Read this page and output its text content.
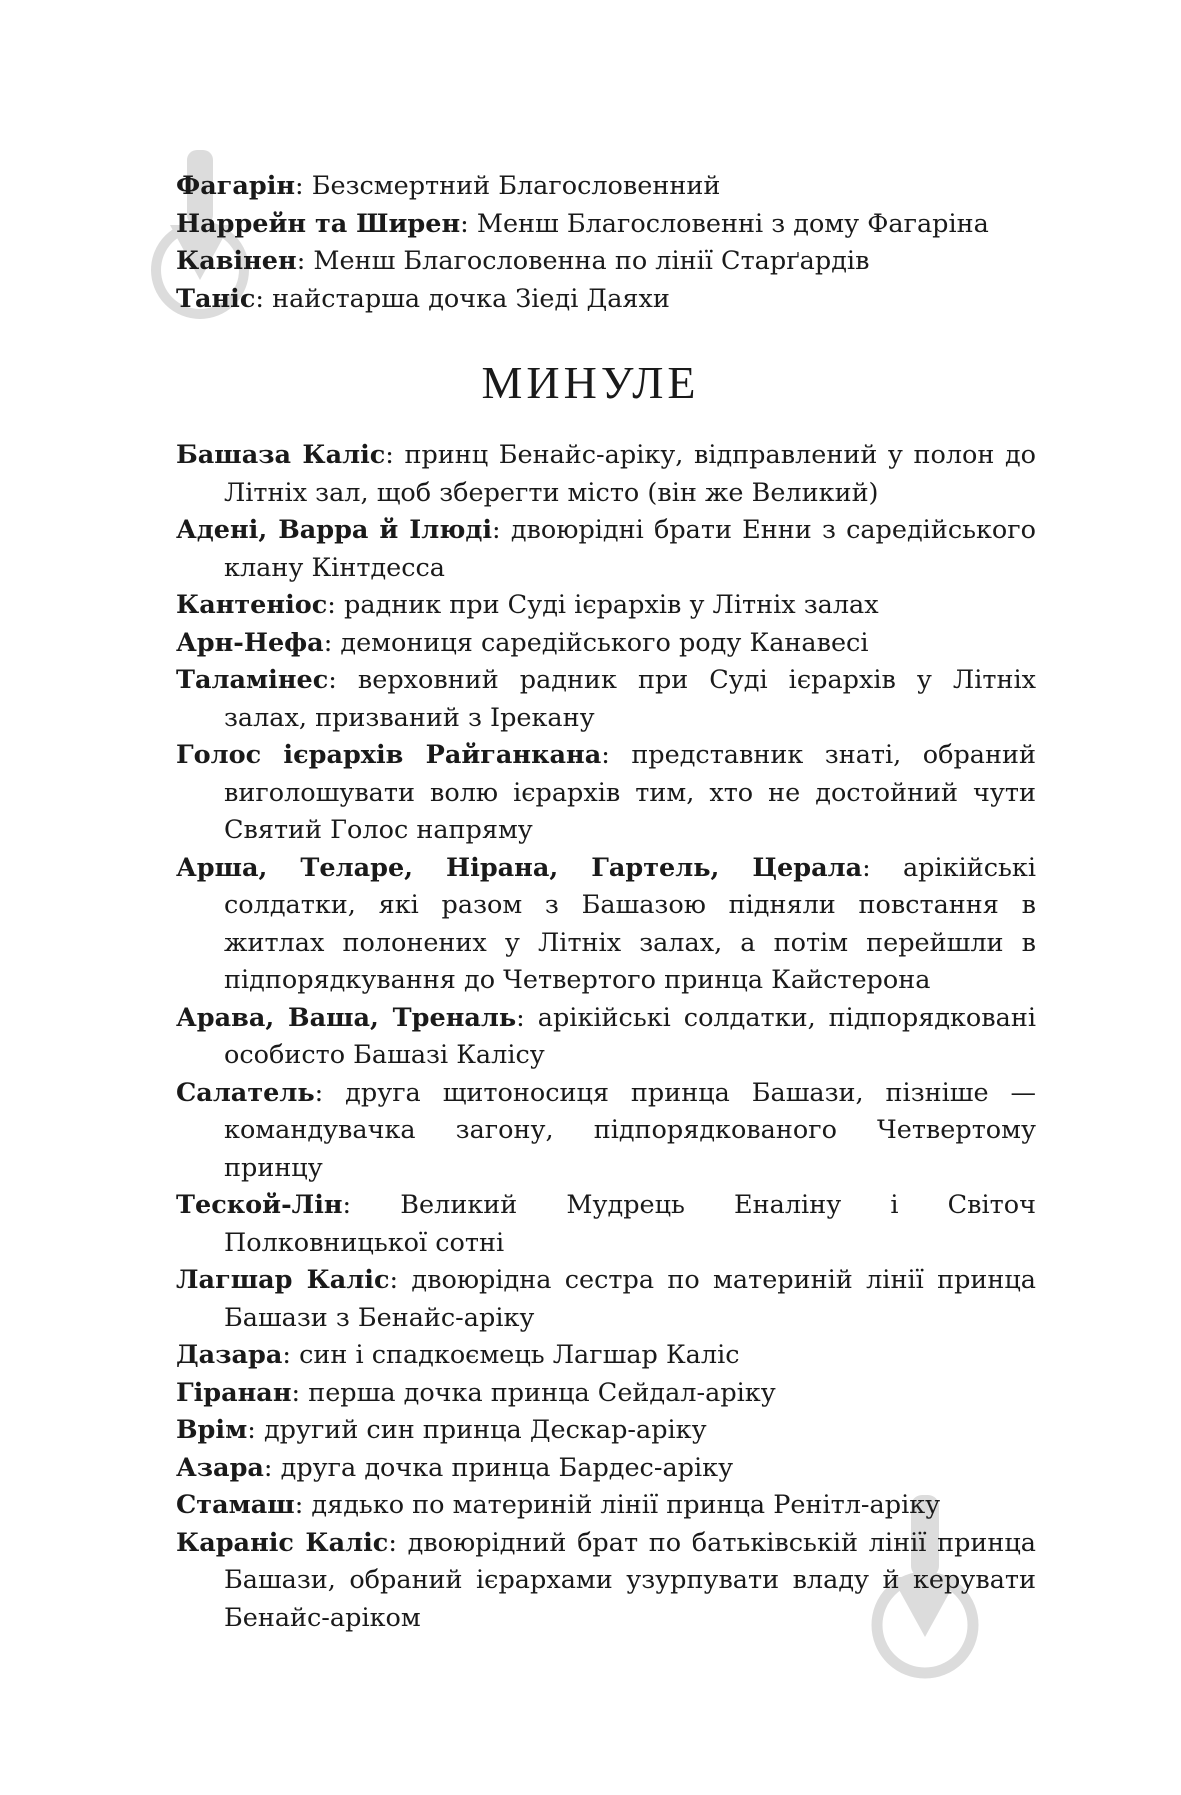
Фагарін: Безсмертний Благословенний

Наррейн та Ширен: Менш Благословенні з дому Фагаріна

Кавінен: Менш Благословенна по лінії Старґардів

Таніс: найстарша дочка Зіеді Даяхи

МИНУЛЕ

Башаза Каліс: принц Бенайс-аріку, відправлений у полон до Літніх зал, щоб зберегти місто (він же Великий)

Адені, Варра й Ілюді: двоюрідні брати Енни з саредійського клану Кінтдесса

Кантеніос: радник при Суді ієрархів у Літніх залах

Арн-Нефа: демониця саредійського роду Канавесі

Таламінес: верховний радник при Суді ієрархів у Літніх залах, призваний з Ірекану

Голос ієрархів Райганкана: представник знаті, обраний виголошувати волю ієрархів тим, хто не достойний чути Святий Голос напряму

Арша, Теларе, Нірана, Гартель, Церала: арікійські солдатки, які разом з Башазою підняли повстання в житлах полонених у Літніх залах, а потім перейшли в підпорядкування до Четвертого принца Кайстерона

Арава, Ваша, Треналь: арікійські солдатки, підпорядковані особисто Башазі Калісу

Салатель: друга щитоносиця принца Башази, пізніше — командувачка загону, підпорядкованого Четвертому принцу

Теской-Лін: Великий Мудрець Еналіну і Світоч Полковницької сотні

Лагшар Каліс: двоюрідна сестра по материній лінії принца Башази з Бенайс-аріку

Дазара: син і спадкоємець Лагшар Каліс

Гіранан: перша дочка принца Сейдал-аріку

Врім: другий син принца Дескар-аріку

Азара: друга дочка принца Бардес-аріку

Стамаш: дядько по материній лінії принца Ренітл-аріку

Караніс Каліс: двоюрідний брат по батьківській лінії принца Башази, обраний ієрархами узурпувати владу й керувати Бенайс-аріком
